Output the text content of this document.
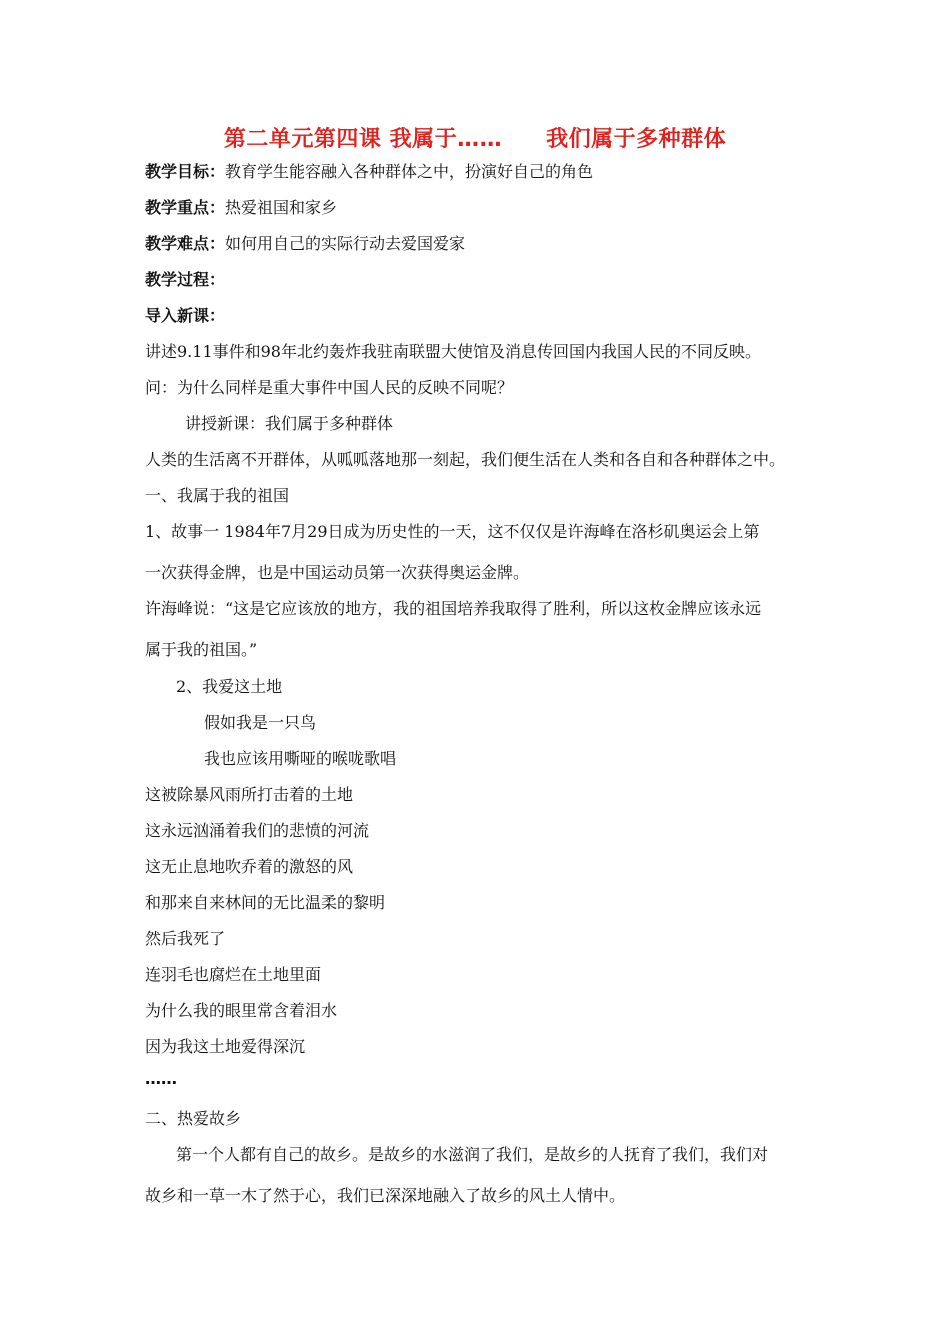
第二单元第四课 我属于…… 我们属于多种群体
教学目标：教育学生能容融入各种群体之中，扮演好自己的角色
教学重点：热爱祖国和家乡
教学难点：如何用自己的实际行动去爱国爱家
教学过程：
导入新课：
讲述9.11事件和98年北约轰炸我驻南联盟大使馆及消息传回国内我国人民的不同反映。
问：为什么同样是重大事件中国人民的反映不同呢？
讲授新课：我们属于多种群体
人类的生活离不开群体，从呱呱落地那一刻起，我们便生活在人类和各自和各种群体之中。
一、我属于我的祖国
1、故事一 1984年7月29日成为历史性的一天，这不仅仅是许海峰在洛杉矶奥运会上第
一次获得金牌，也是中国运动员第一次获得奥运金牌。
许海峰说：“这是它应该放的地方，我的祖国培养我取得了胜利，所以这枚金牌应该永远
属于我的祖国。”
2、我爱这土地
假如我是一只鸟
我也应该用嘶哑的喉咙歌唱
这被除暴风雨所打击着的土地
这永远汹涌着我们的悲愤的河流
这无止息地吹乔着的激怒的风
和那来自来林间的无比温柔的黎明
然后我死了
连羽毛也腐烂在土地里面
为什么我的眼里常含着泪水
因为我这土地爱得深沉
……
二、热爱故乡
第一个人都有自己的故乡。是故乡的水滋润了我们，是故乡的人抚育了我们，我们对
故乡和一草一木了然于心，我们已深深地融入了故乡的风土人情中。
